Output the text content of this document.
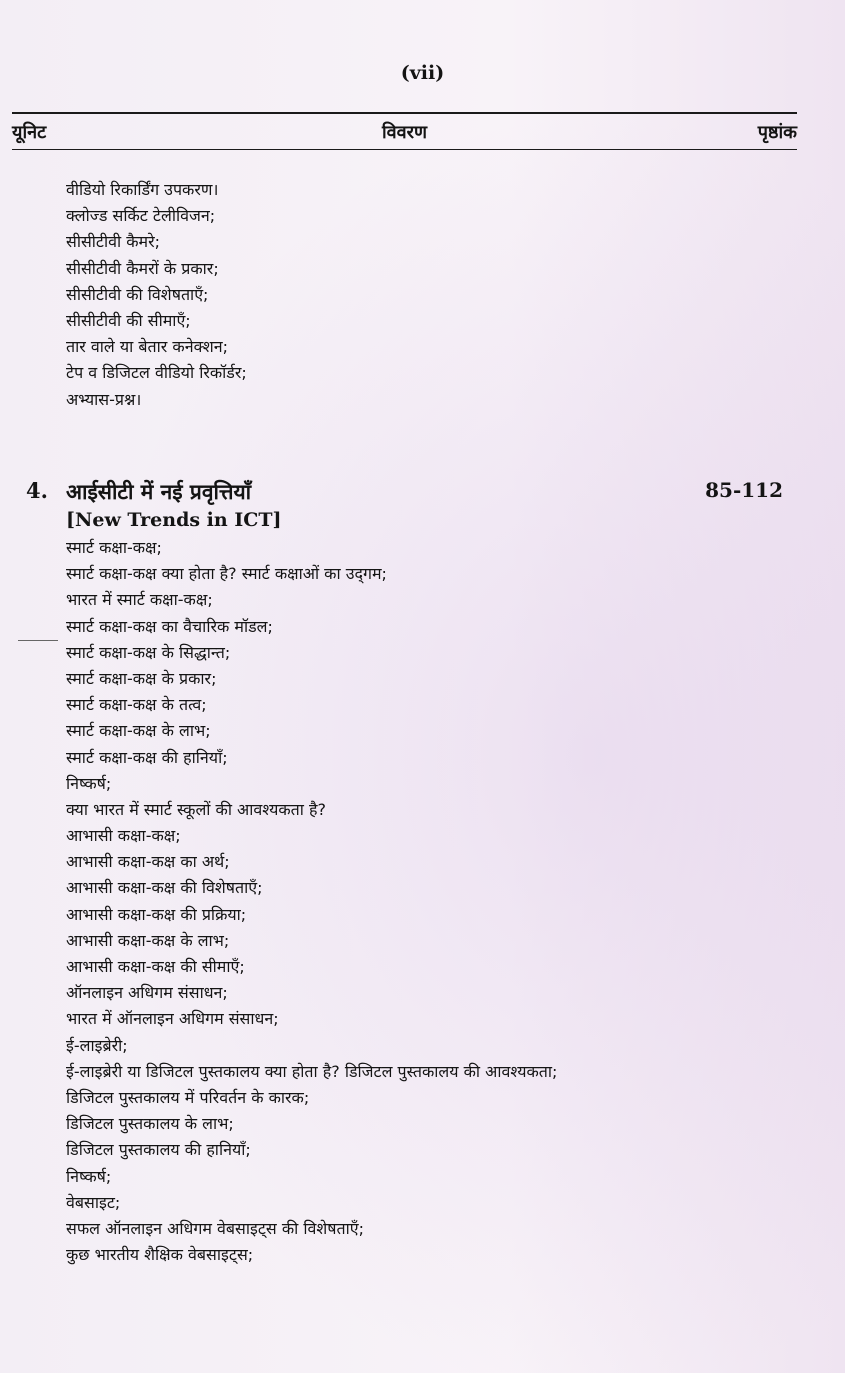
(vii)
यूनिट	विवरण	पृष्ठांक
वीडियो रिकार्डिंग उपकरण।
क्लोज्ड सर्किट टेलीविजन;
सीसीटीवी कैमरे;
सीसीटीवी कैमरों के प्रकार;
सीसीटीवी की विशेषताएँ;
सीसीटीवी की सीमाएँ;
तार वाले या बेतार कनेक्शन;
टेप व डिजिटल वीडियो रिकॉर्डर;
अभ्यास-प्रश्न।
4. आईसीटी में नई प्रवृत्तियाँ	85-112
[New Trends in ICT]
स्मार्ट कक्षा-कक्ष;
स्मार्ट कक्षा-कक्ष क्या होता है? स्मार्ट कक्षाओं का उद्‌गम;
भारत में स्मार्ट कक्षा-कक्ष;
स्मार्ट कक्षा-कक्ष का वैचारिक मॉडल;
स्मार्ट कक्षा-कक्ष के सिद्धान्त;
स्मार्ट कक्षा-कक्ष के प्रकार;
स्मार्ट कक्षा-कक्ष के तत्व;
स्मार्ट कक्षा-कक्ष के लाभ;
स्मार्ट कक्षा-कक्ष की हानियाँ;
निष्कर्ष;
क्या भारत में स्मार्ट स्कूलों की आवश्यकता है?
आभासी कक्षा-कक्ष;
आभासी कक्षा-कक्ष का अर्थ;
आभासी कक्षा-कक्ष की विशेषताएँ;
आभासी कक्षा-कक्ष की प्रक्रिया;
आभासी कक्षा-कक्ष के लाभ;
आभासी कक्षा-कक्ष की सीमाएँ;
ऑनलाइन अधिगम संसाधन;
भारत में ऑनलाइन अधिगम संसाधन;
ई-लाइब्रेरी;
ई-लाइब्रेरी या डिजिटल पुस्तकालय क्या होता है? डिजिटल पुस्तकालय की आवश्यकता;
डिजिटल पुस्तकालय में परिवर्तन के कारक;
डिजिटल पुस्तकालय के लाभ;
डिजिटल पुस्तकालय की हानियाँ;
निष्कर्ष;
वेबसाइट;
सफल ऑनलाइन अधिगम वेबसाइट्स की विशेषताएँ;
कुछ भारतीय शैक्षिक वेबसाइट्स;
